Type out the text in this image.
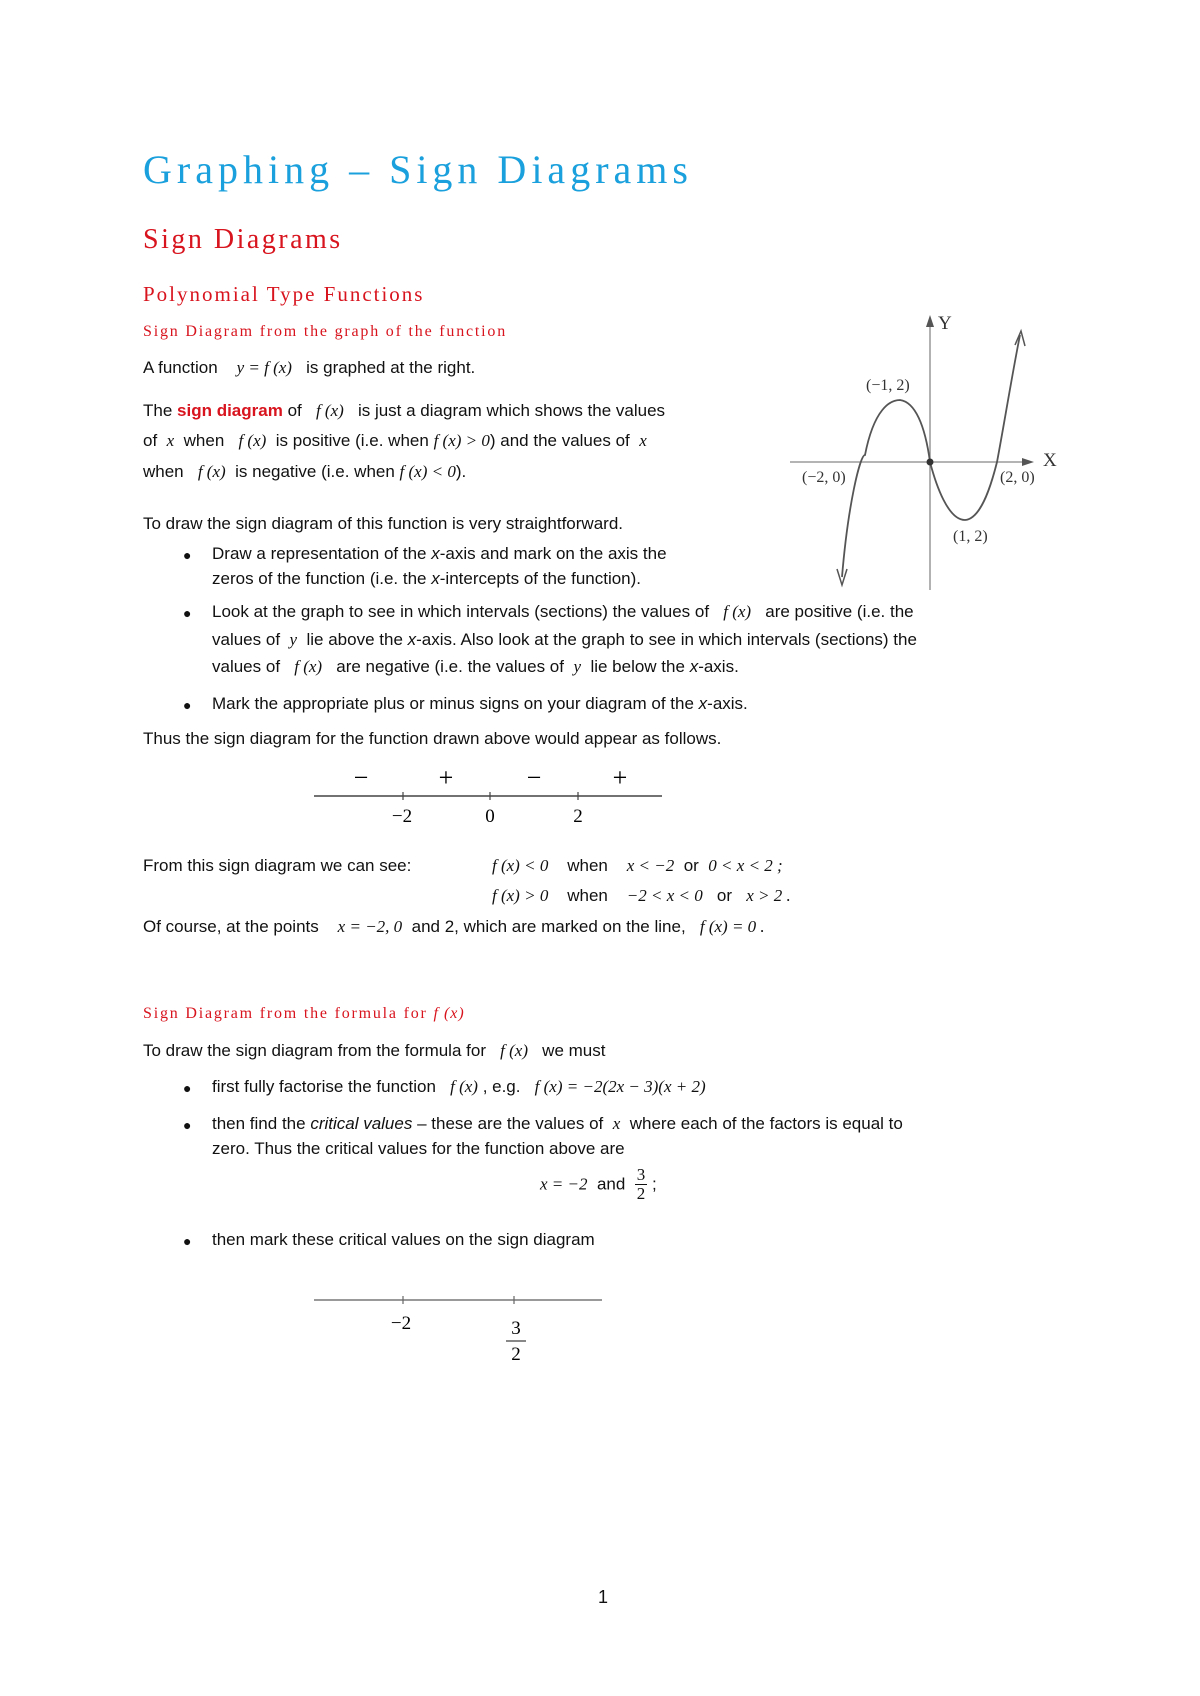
Graphing – Sign Diagrams
Sign Diagrams
Polynomial Type Functions
Sign Diagram from the graph of the function
A function y = f (x) is graphed at the right.
The sign diagram of f (x) is just a diagram which shows the values
of x when f (x) is positive (i.e. when f (x) > 0) and the values of x
when f (x) is negative (i.e. when f (x) < 0).
To draw the sign diagram of this function is very straightforward.
● Draw a representation of the x-axis and mark on the axis the
zeros of the function (i.e. the x-intercepts of the function).
● Look at the graph to see in which intervals (sections) the values of f (x) are positive (i.e. the
values of y lie above the x-axis. Also look at the graph to see in which intervals (sections) the
values of f (x) are negative (i.e. the values of y lie below the x-axis.
● Mark the appropriate plus or minus signs on your diagram of the x-axis.
Thus the sign diagram for the function drawn above would appear as follows.
−	+	−	+
−2	0	2
From this sign diagram we can see:	f (x) < 0 when x < −2 or 0 < x < 2 ;
f (x) > 0 when −2 < x < 0 or x > 2 .
Of course, at the points x = −2, 0 and 2, which are marked on the line, f (x) = 0 .
Sign Diagram from the formula for f (x)
To draw the sign diagram from the formula for f (x) we must
● first fully factorise the function f (x) , e.g. f (x) = −2(2x − 3)(x + 2)
● then find the critical values – these are the values of x where each of the factors is equal to
zero. Thus the critical values for the function above are
x = −2 and $\frac{3}{2}$ ;
● then mark these critical values on the sign diagram
−2	3
2
Y
X
(−1, 2)
(−2, 0)	(2, 0)
(1, 2)
1
